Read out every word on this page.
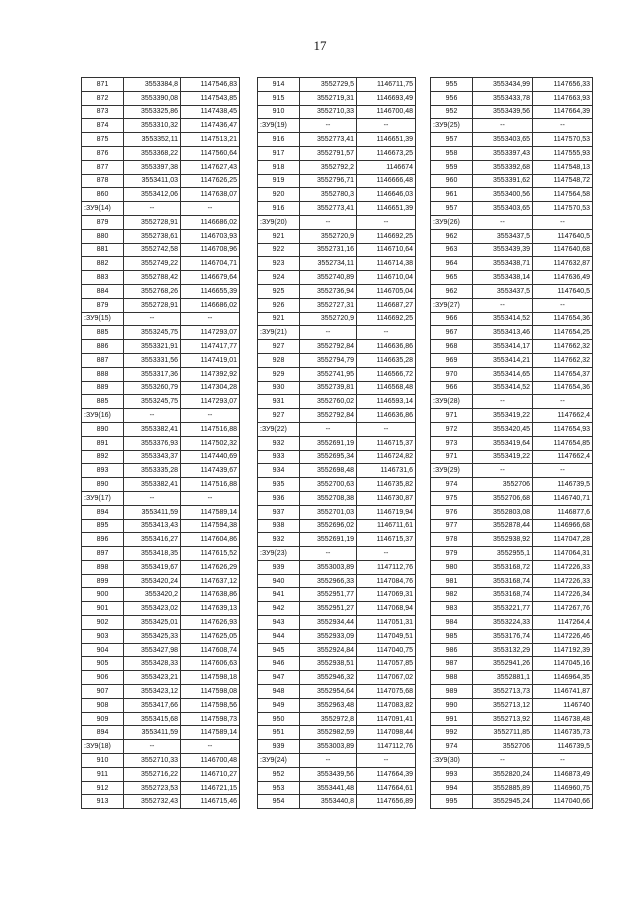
17
871	3553384,8	1147546,83
872	3553390,08	1147543,85
873	3553325,86	1147438,45
874	3553310,32	1147436,47
875	3553352,11	1147513,21
876	3553368,22	1147560,64
877	3553397,38	1147627,43
878	3553411,03	1147626,25
860	3553412,06	1147638,07
:ЗУ9(14)	--	--
879	3552728,91	1146686,02
880	3552738,61	1146703,93
881	3552742,58	1146708,96
882	3552749,22	1146704,71
883	3552788,42	1146679,64
884	3552768,26	1146655,39
879	3552728,91	1146686,02
:ЗУ9(15)	--	--
885	3553245,75	1147293,07
886	3553321,91	1147417,77
887	3553331,56	1147419,01
888	3553317,36	1147392,92
889	3553260,79	1147304,28
885	3553245,75	1147293,07
:ЗУ9(16)	--	--
890	3553382,41	1147516,88
891	3553376,93	1147502,32
892	3553343,37	1147440,69
893	3553335,28	1147439,67
890	3553382,41	1147516,88
:ЗУ9(17)	--	--
894	3553411,59	1147589,14
895	3553413,43	1147594,38
896	3553416,27	1147604,86
897	3553418,35	1147615,52
898	3553419,67	1147626,29
899	3553420,24	1147637,12
900	3553420,2	1147638,86
901	3553423,02	1147639,13
902	3553425,01	1147626,93
903	3553425,33	1147625,05
904	3553427,98	1147608,74
905	3553428,33	1147606,63
906	3553423,21	1147598,18
907	3553423,12	1147598,08
908	3553417,66	1147598,56
909	3553415,68	1147598,73
894	3553411,59	1147589,14
:ЗУ9(18)	--	--
910	3552710,33	1146700,48
911	3552716,22	1146710,27
912	3552723,53	1146721,15
913	3552732,43	1146715,46
914	3552729,5	1146711,75
915	3552719,31	1146693,49
910	3552710,33	1146700,48
:ЗУ9(19)	--	--
916	3552773,41	1146651,39
917	3552791,57	1146673,25
918	3552792,2	1146674
919	3552796,71	1146666,48
920	3552780,3	1146646,03
916	3552773,41	1146651,39
:ЗУ9(20)	--	--
921	3552720,9	1146692,25
922	3552731,16	1146710,64
923	3552734,11	1146714,38
924	3552740,89	1146710,04
925	3552736,94	1146705,04
926	3552727,31	1146687,27
921	3552720,9	1146692,25
:ЗУ9(21)	--	--
927	3552792,84	1146636,86
928	3552794,79	1146635,28
929	3552741,95	1146566,72
930	3552739,81	1146568,48
931	3552760,02	1146593,14
927	3552792,84	1146636,86
:ЗУ9(22)	--	--
932	3552691,19	1146715,37
933	3552695,34	1146724,82
934	3552698,48	1146731,6
935	3552700,63	1146735,82
936	3552708,38	1146730,87
937	3552701,03	1146719,94
938	3552696,02	1146711,61
932	3552691,19	1146715,37
:ЗУ9(23)	--	--
939	3553003,89	1147112,76
940	3552966,33	1147084,76
941	3552951,77	1147069,31
942	3552951,27	1147068,94
943	3552934,44	1147051,31
944	3552933,09	1147049,51
945	3552924,84	1147040,75
946	3552938,51	1147057,85
947	3552946,32	1147067,02
948	3552954,64	1147075,68
949	3552963,48	1147083,82
950	3552972,8	1147091,41
951	3552982,59	1147098,44
939	3553003,89	1147112,76
:ЗУ9(24)	--	--
952	3553439,56	1147664,39
953	3553441,48	1147664,61
954	3553440,8	1147656,89
955	3553434,99	1147656,33
956	3553433,78	1147663,93
952	3553439,56	1147664,39
:ЗУ9(25)	--	--
957	3553403,65	1147570,53
958	3553397,43	1147555,93
959	3553392,68	1147548,13
960	3553391,62	1147548,72
961	3553400,56	1147564,58
957	3553403,65	1147570,53
:ЗУ9(26)	--	--
962	3553437,5	1147640,5
963	3553439,39	1147640,68
964	3553438,71	1147632,87
965	3553438,14	1147636,49
962	3553437,5	1147640,5
:ЗУ9(27)	--	--
966	3553414,52	1147654,36
967	3553413,46	1147654,25
968	3553414,17	1147662,32
969	3553414,21	1147662,32
970	3553414,65	1147654,37
966	3553414,52	1147654,36
:ЗУ9(28)	--	--
971	3553419,22	1147662,4
972	3553420,45	1147654,93
973	3553419,64	1147654,85
971	3553419,22	1147662,4
:ЗУ9(29)	--	--
974	3552706	1146739,5
975	3552706,68	1146740,71
976	3552803,08	1146877,6
977	3552878,44	1146966,68
978	3552938,92	1147047,28
979	3552955,1	1147064,31
980	3553168,72	1147226,33
981	3553168,74	1147226,33
982	3553168,74	1147226,34
983	3553221,77	1147267,76
984	3553224,33	1147264,4
985	3553176,74	1147226,46
986	3553132,29	1147192,39
987	3552941,26	1147045,16
988	3552881,1	1146964,35
989	3552713,73	1146741,87
990	3552713,12	1146740
991	3552713,92	1146738,48
992	3552711,85	1146735,73
974	3552706	1146739,5
:ЗУ9(30)	--	--
993	3552820,24	1146873,49
994	3552885,89	1146960,75
995	3552945,24	1147040,66
